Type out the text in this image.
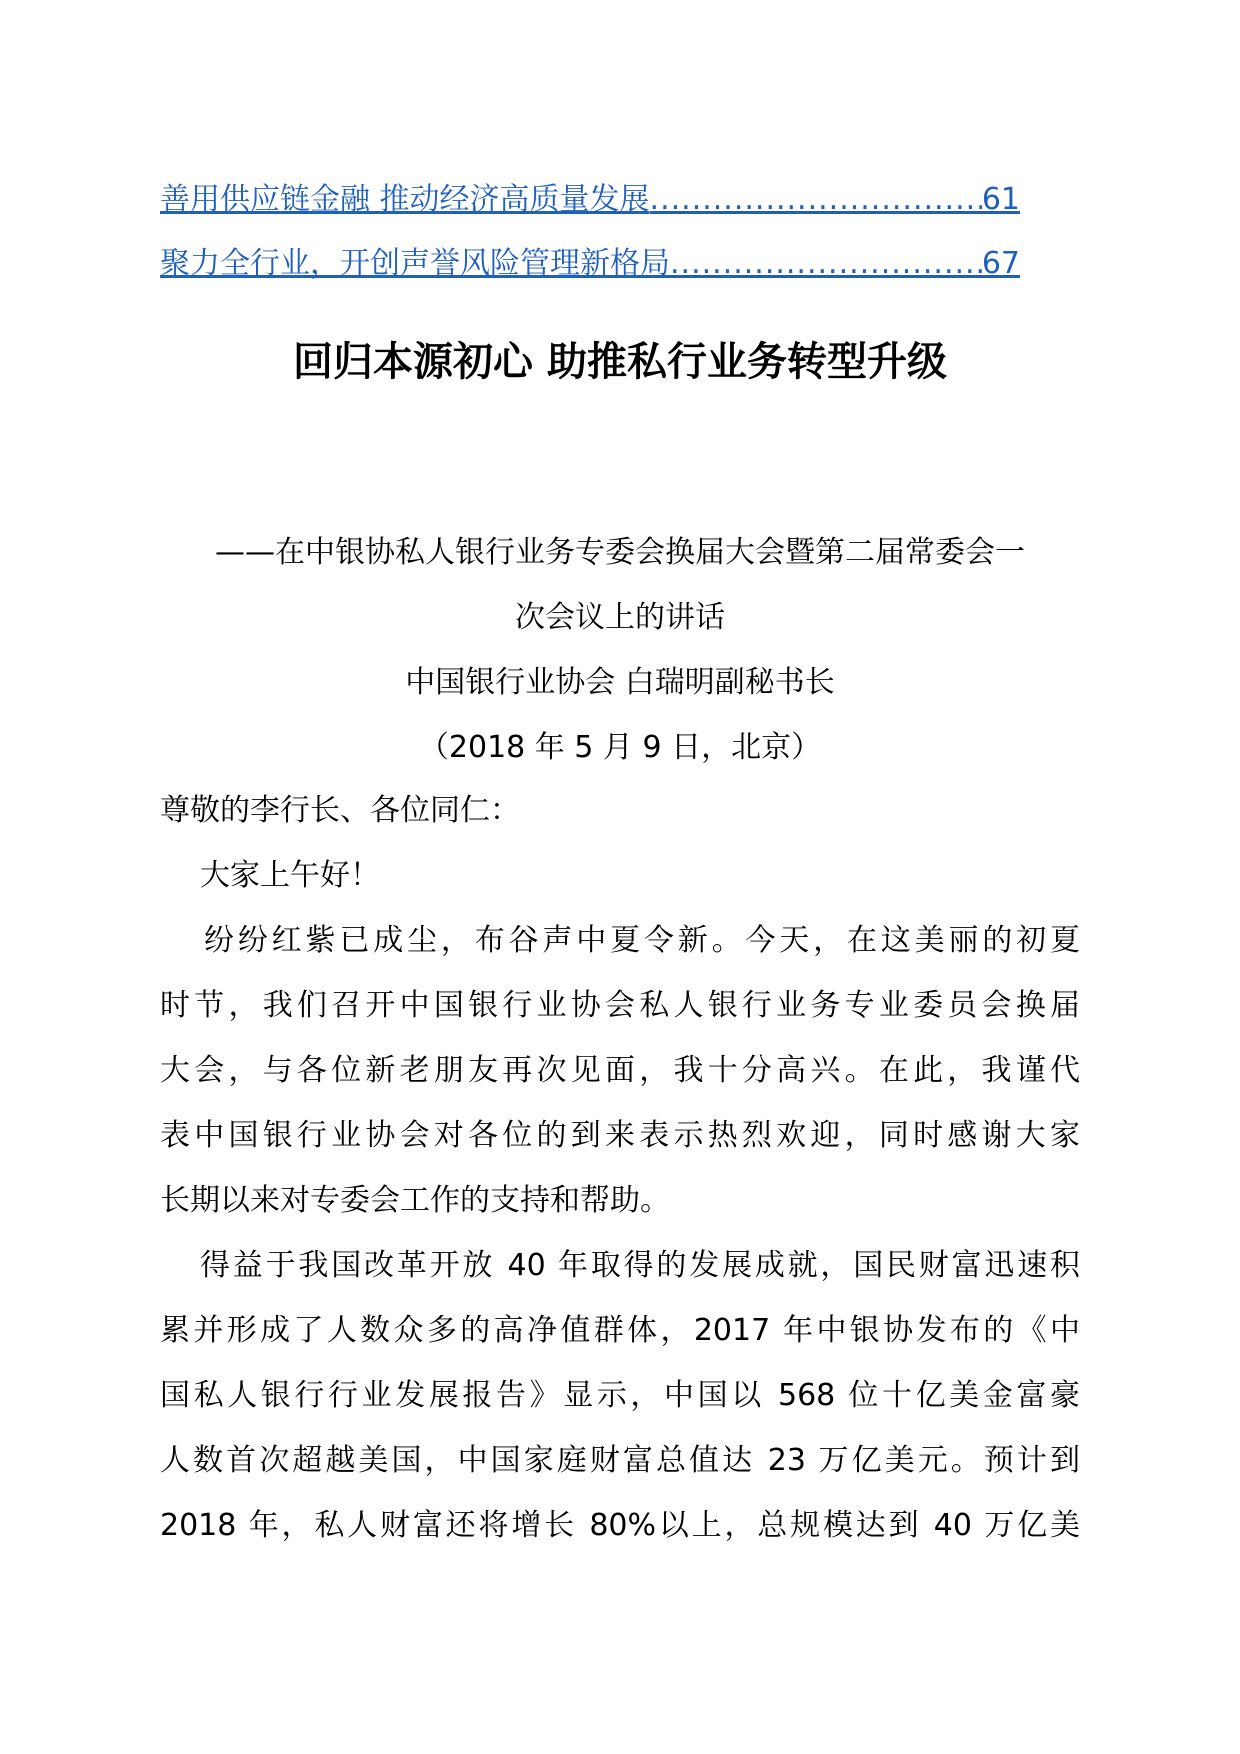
善用供应链金融 推动经济高质量发展 .....	61
聚力全行业，开创声誉风险管理新格局 .....	67
回归本源初心 助推私行业务转型升级
——在中银协私人银行业务专委会换届大会暨第二届常委会一
次会议上的讲话
中国银行业协会 白瑞明副秘书长
（2018 年 5 月 9 日，北京）
尊敬的李行长、各位同仁：
大家上午好！
纷纷红紫已成尘，布谷声中夏令新。今天，在这美丽的初夏
时节，我们召开中国银行业协会私人银行业务专业委员会换届
大会，与各位新老朋友再次见面，我十分高兴。在此，我谨代
表中国银行业协会对各位的到来表示热烈欢迎，同时感谢大家
长期以来对专委会工作的支持和帮助。
得益于我国改革开放 40 年取得的发展成就，国民财富迅速积
累并形成了人数众多的高净值群体，2017 年中银协发布的《中
国私人银行行业发展报告》显示，中国以 568 位十亿美金富豪
人数首次超越美国，中国家庭财富总值达 23 万亿美元。预计到
2018 年，私人财富还将增长 80%以上，总规模达到 40 万亿美
